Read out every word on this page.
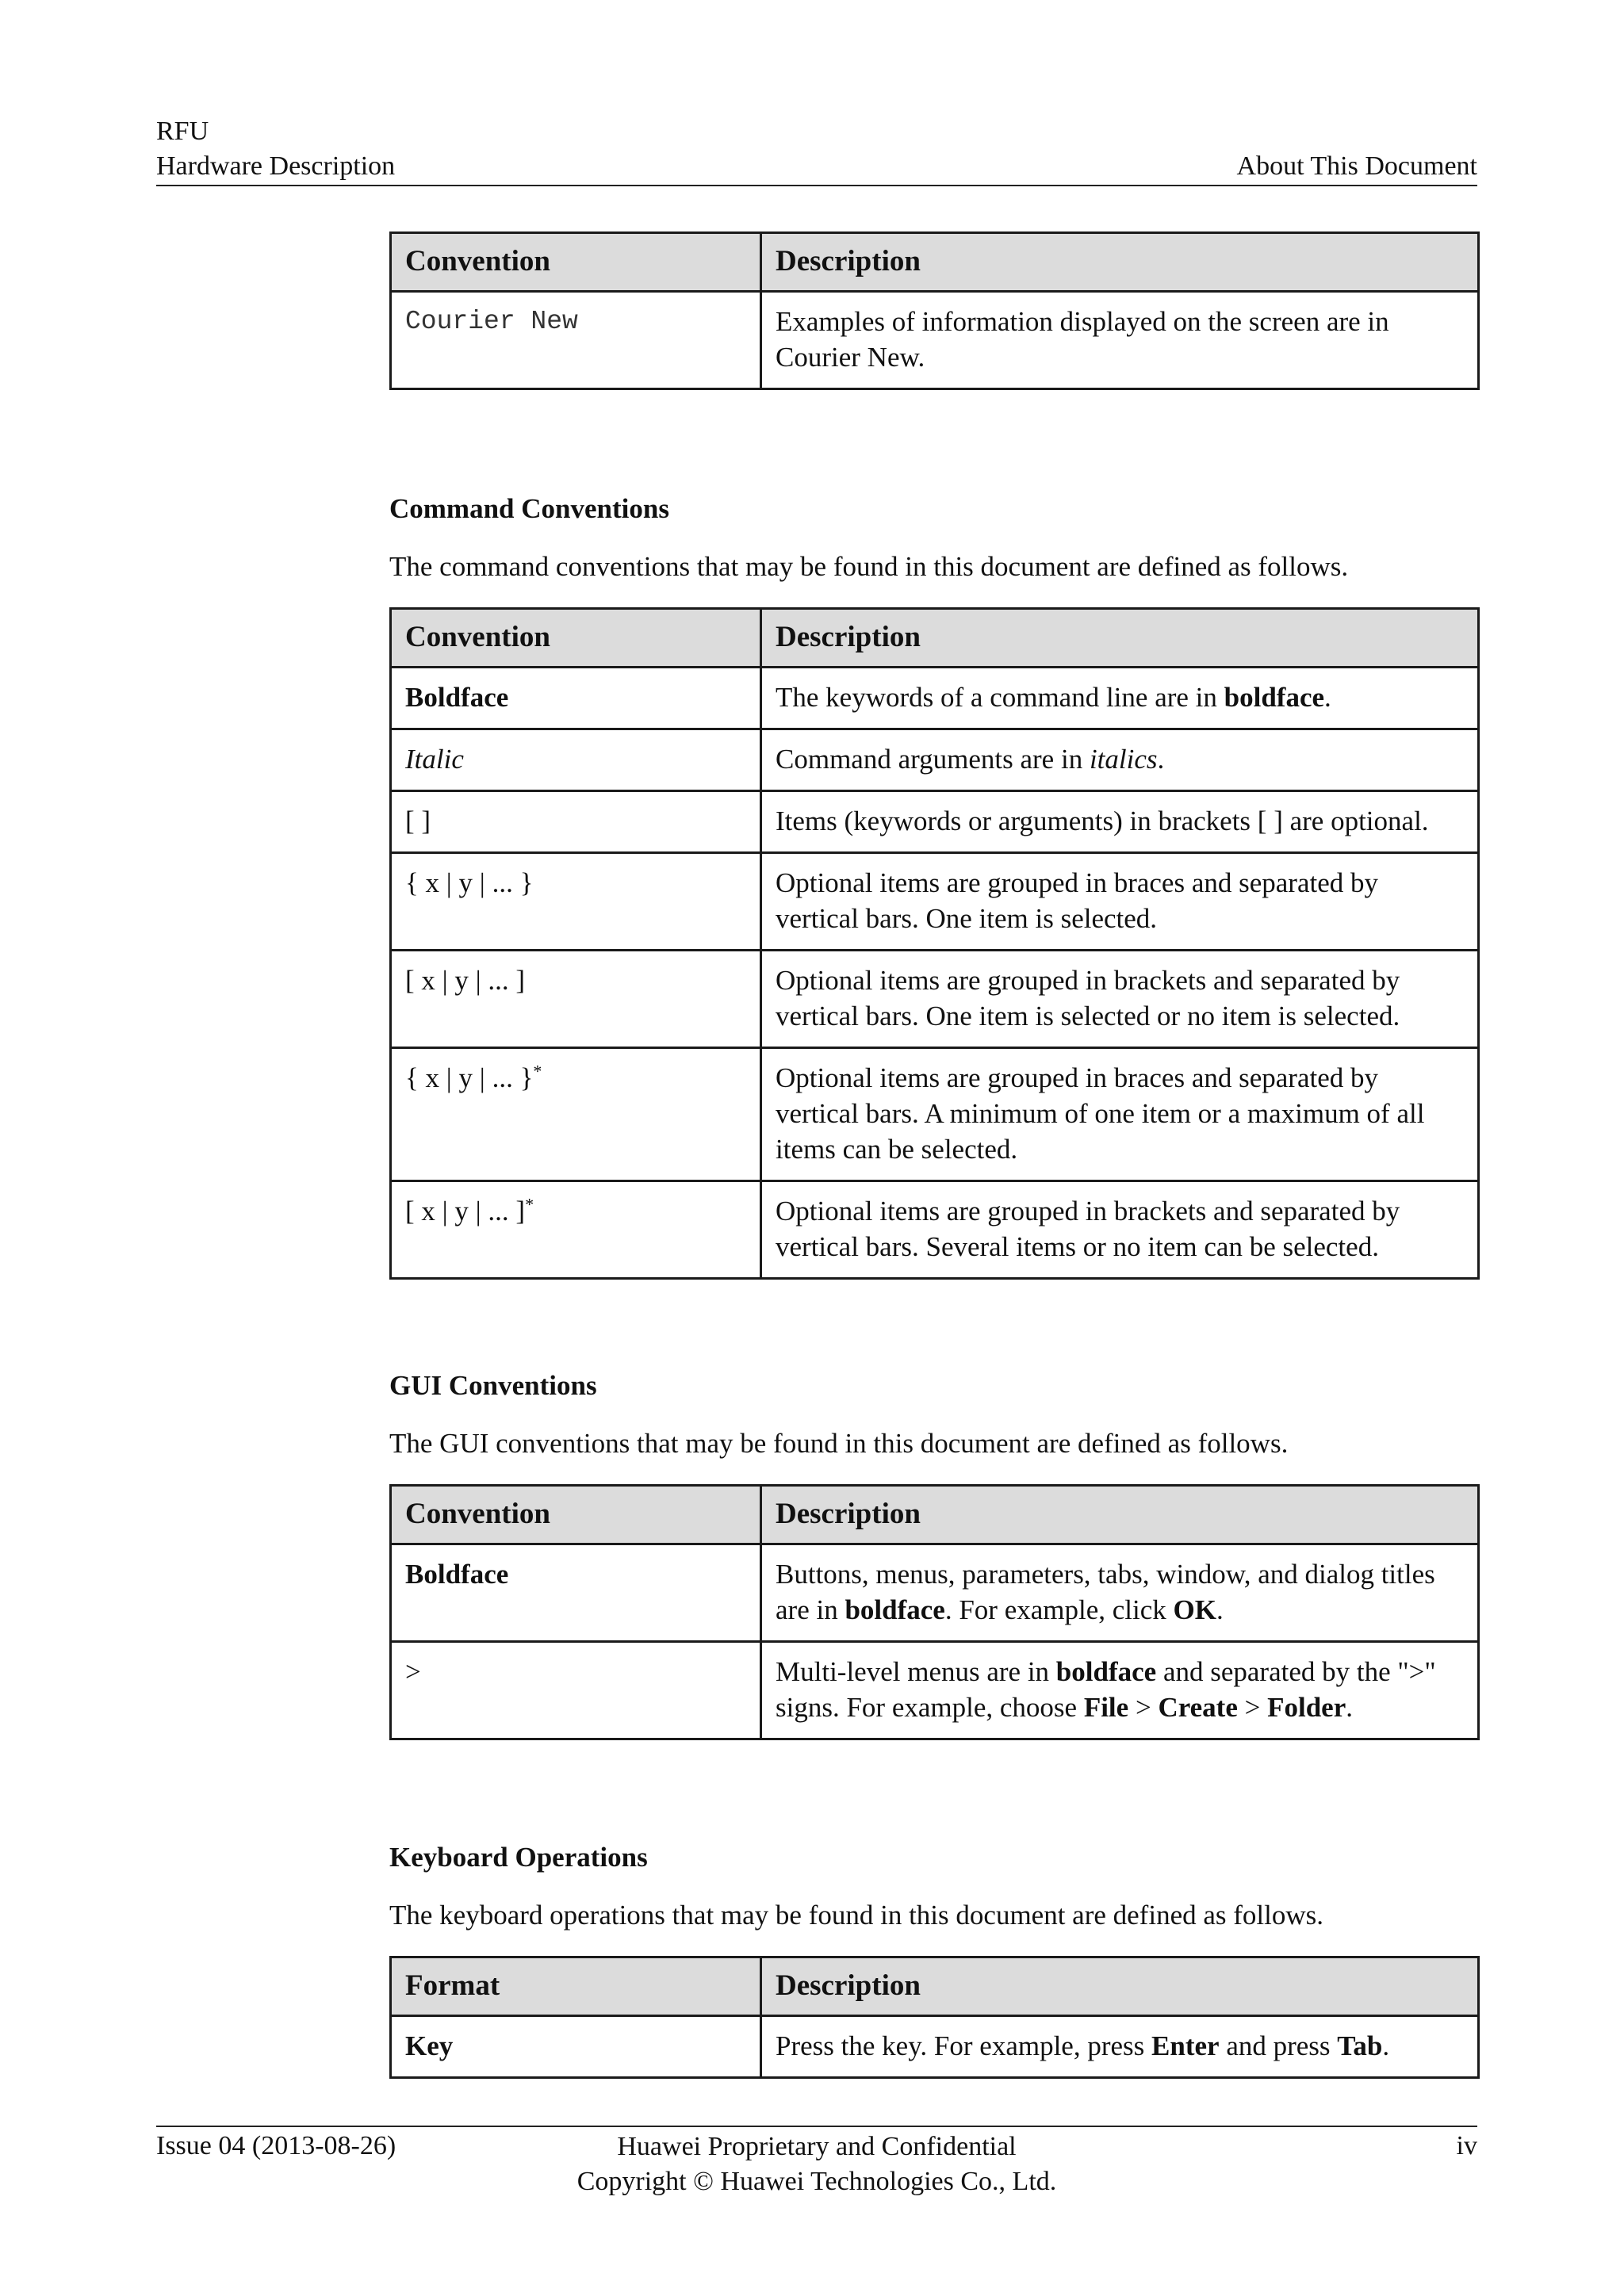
RFU
Hardware Description	About This Document
Convention	Description
Courier New	Examples of information displayed on the screen are in Courier New.
Command Conventions
The command conventions that may be found in this document are defined as follows.
Convention	Description
Boldface	The keywords of a command line are in boldface.
Italic	Command arguments are in italics.
[ ]	Items (keywords or arguments) in brackets [ ] are optional.
{ x | y | ... }	Optional items are grouped in braces and separated by vertical bars. One item is selected.
[ x | y | ... ]	Optional items are grouped in brackets and separated by vertical bars. One item is selected or no item is selected.
{ x | y | ... }*	Optional items are grouped in braces and separated by vertical bars. A minimum of one item or a maximum of all items can be selected.
[ x | y | ... ]*	Optional items are grouped in brackets and separated by vertical bars. Several items or no item can be selected.
GUI Conventions
The GUI conventions that may be found in this document are defined as follows.
Convention	Description
Boldface	Buttons, menus, parameters, tabs, window, and dialog titles are in boldface. For example, click OK.
>	Multi-level menus are in boldface and separated by the ">" signs. For example, choose File > Create > Folder.
Keyboard Operations
The keyboard operations that may be found in this document are defined as follows.
Format	Description
Key	Press the key. For example, press Enter and press Tab.
Issue 04 (2013-08-26)	Huawei Proprietary and Confidential
Copyright © Huawei Technologies Co., Ltd.
iv
